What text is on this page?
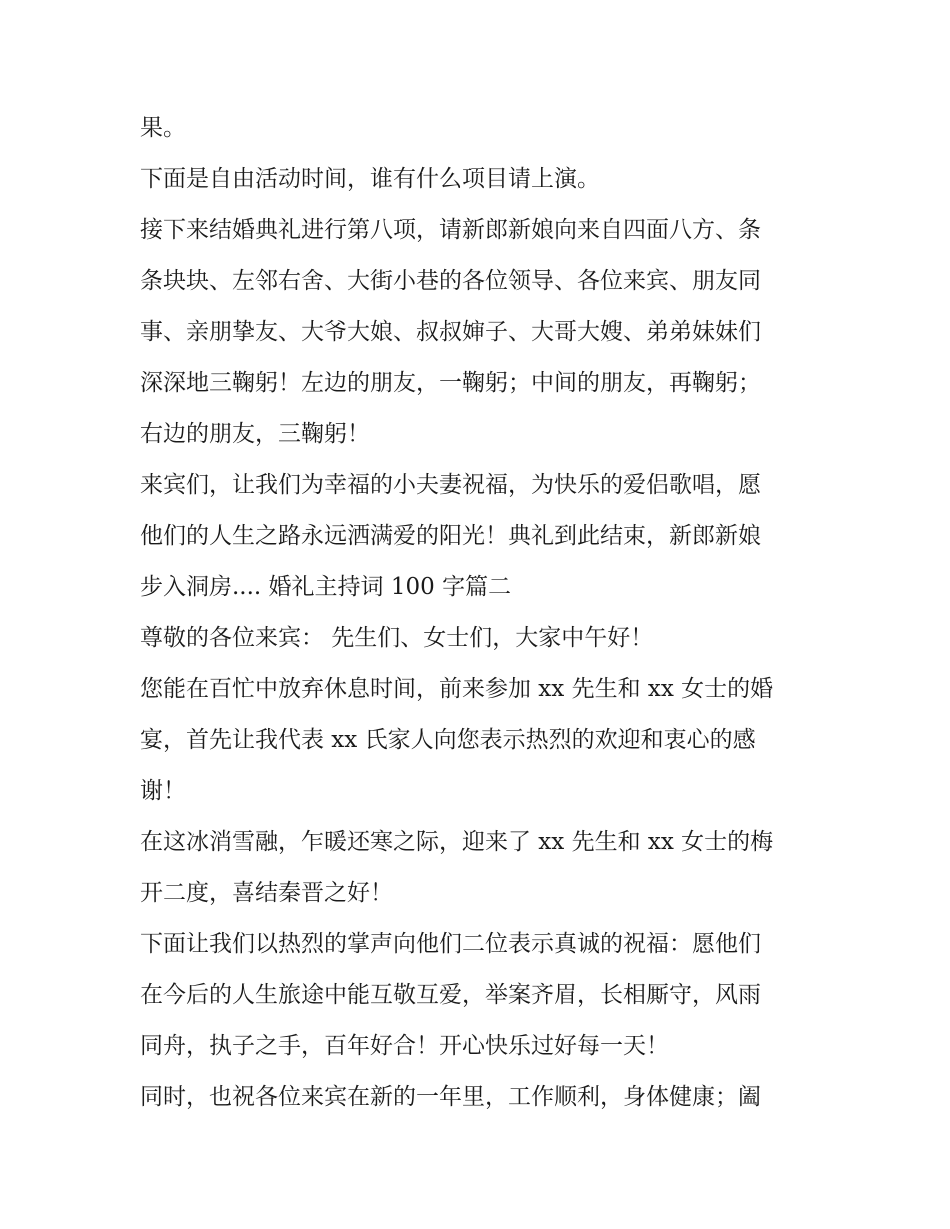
果。
下面是自由活动时间，谁有什么项目请上演。
接下来结婚典礼进行第八项，请新郎新娘向来自四面八方、条
条块块、左邻右舍、大街小巷的各位领导、各位来宾、朋友同
事、亲朋挚友、大爷大娘、叔叔婶子、大哥大嫂、弟弟妹妹们
深深地三鞠躬！左边的朋友，一鞠躬；中间的朋友，再鞠躬；
右边的朋友，三鞠躬！
来宾们，让我们为幸福的小夫妻祝福，为快乐的爱侣歌唱，愿
他们的人生之路永远洒满爱的阳光！典礼到此结束，新郎新娘
步入洞房.... 婚礼主持词 100 字篇二
尊敬的各位来宾： 先生们、女士们，大家中午好！
您能在百忙中放弃休息时间，前来参加 xx 先生和 xx 女士的婚
宴，首先让我代表 xx 氏家人向您表示热烈的欢迎和衷心的感
谢！
在这冰消雪融，乍暖还寒之际，迎来了 xx 先生和 xx 女士的梅
开二度，喜结秦晋之好！
下面让我们以热烈的掌声向他们二位表示真诚的祝福：愿他们
在今后的人生旅途中能互敬互爱，举案齐眉，长相厮守，风雨
同舟，执子之手，百年好合！开心快乐过好每一天！
同时，也祝各位来宾在新的一年里，工作顺利，身体健康；阖
